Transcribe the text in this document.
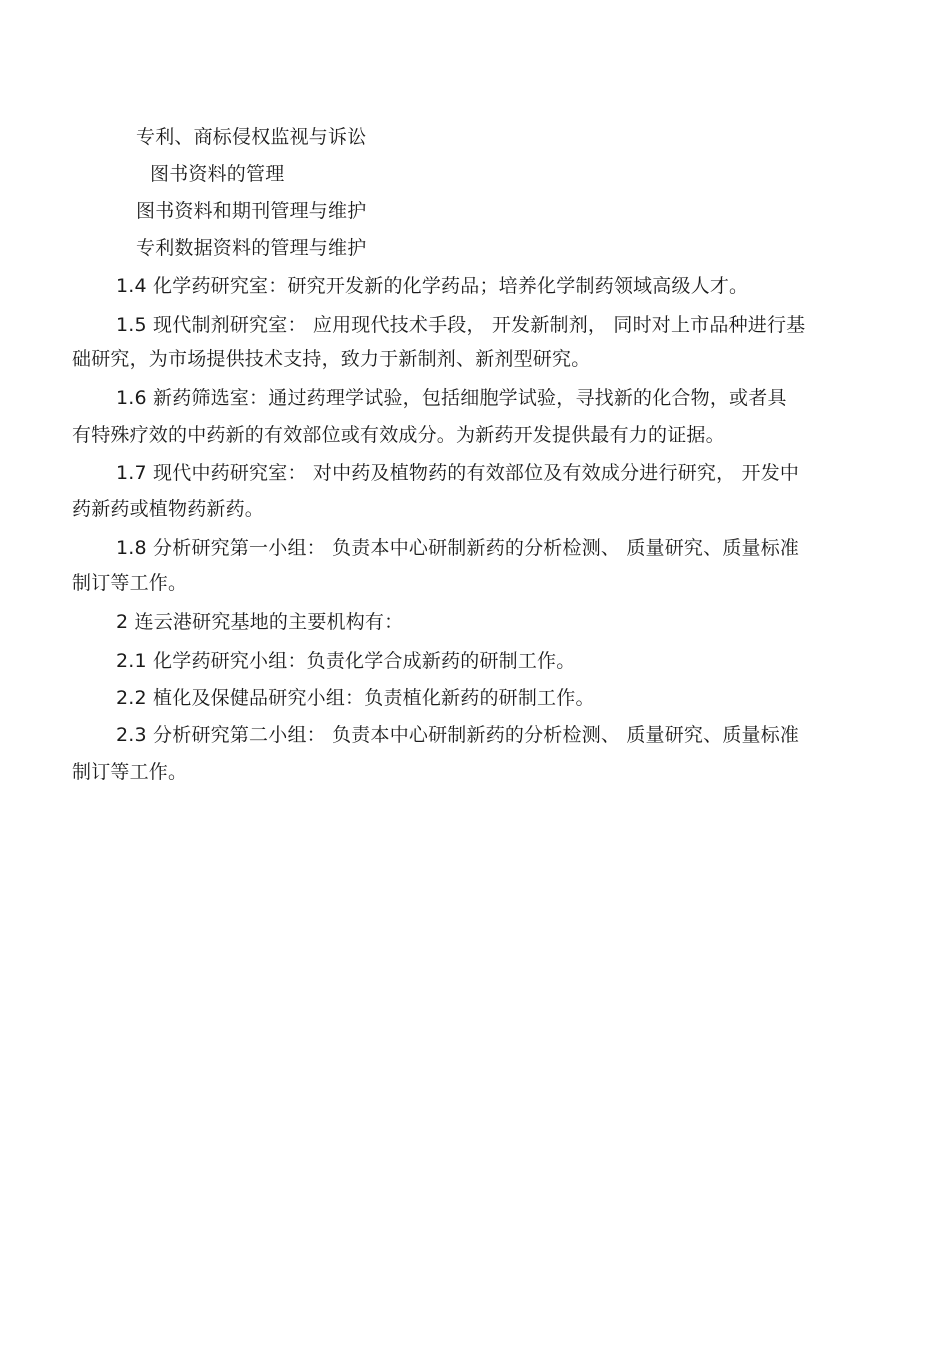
专利、商标侵权监视与诉讼
图书资料的管理
图书资料和期刊管理与维护
专利数据资料的管理与维护
1.4 化学药研究室：研究开发新的化学药品；培养化学制药领域高级人才。
1.5 现代制剂研究室： 应用现代技术手段， 开发新制剂， 同时对上市品种进行基
础研究，为市场提供技术支持，致力于新制剂、新剂型研究。
1.6 新药筛选室：通过药理学试验，包括细胞学试验，寻找新的化合物，或者具
有特殊疗效的中药新的有效部位或有效成分。为新药开发提供最有力的证据。
1.7 现代中药研究室： 对中药及植物药的有效部位及有效成分进行研究， 开发中
药新药或植物药新药。
1.8 分析研究第一小组： 负责本中心研制新药的分析检测、 质量研究、质量标准
制订等工作。
2 连云港研究基地的主要机构有：
2.1 化学药研究小组：负责化学合成新药的研制工作。
2.2 植化及保健品研究小组：负责植化新药的研制工作。
2.3 分析研究第二小组： 负责本中心研制新药的分析检测、 质量研究、质量标准
制订等工作。
